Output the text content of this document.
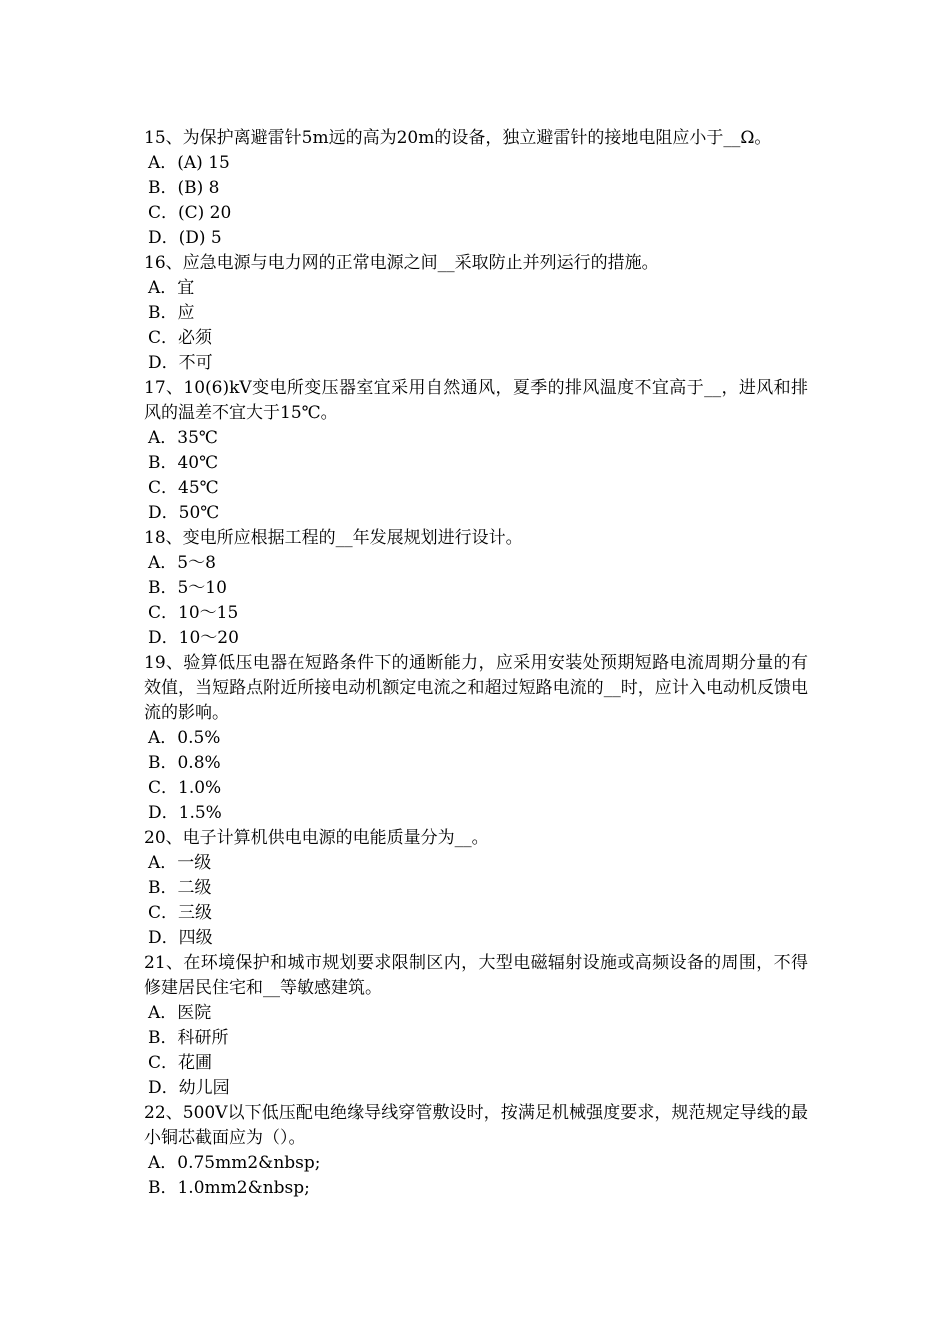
15、为保护离避雷针5m远的高为20m的设备，独立避雷针的接地电阻应小于__Ω。

A．(A) 15

B．(B) 8

C．(C) 20

D．(D) 5

16、应急电源与电力网的正常电源之间__采取防止并列运行的措施。

A．宜

B．应

C．必须

D．不可

17、10(6)kV变电所变压器室宜采用自然通风，夏季的排风温度不宜高于__，进风和排风的温差不宜大于15℃。

A．35℃

B．40℃

C．45℃

D．50℃

18、变电所应根据工程的__年发展规划进行设计。

A．5～8

B．5～10

C．10～15

D．10～20

19、验算低压电器在短路条件下的通断能力，应采用安装处预期短路电流周期分量的有效值，当短路点附近所接电动机额定电流之和超过短路电流的__时，应计入电动机反馈电流的影响。

A．0.5%

B．0.8%

C．1.0%

D．1.5%

20、电子计算机供电电源的电能质量分为__。

A．一级

B．二级

C．三级

D．四级

21、在环境保护和城市规划要求限制区内，大型电磁辐射设施或高频设备的周围，不得修建居民住宅和__等敏感建筑。

A．医院

B．科研所

C．花圃

D．幼儿园

22、500V以下低压配电绝缘导线穿管敷设时，按满足机械强度要求，规范规定导线的最小铜芯截面应为（）。

A．0.75mm2&nbsp;

B．1.0mm2&nbsp;
